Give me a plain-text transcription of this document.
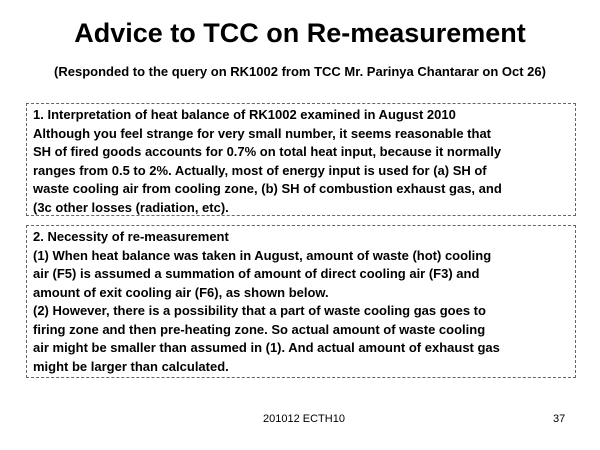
Advice to TCC on Re-measurement
(Responded to the query on RK1002 from TCC Mr. Parinya Chantarar on Oct 26)
1. Interpretation of heat balance of RK1002 examined in August 2010
Although you feel strange for very small number, it seems reasonable that
SH of fired goods accounts for 0.7% on total heat input, because it normally
ranges from 0.5 to 2%. Actually, most of energy input is used for (a) SH of
waste cooling air from cooling zone, (b) SH of combustion exhaust gas, and
(3c other losses (radiation, etc).
2. Necessity of re-measurement
(1) When heat balance was taken in August, amount of waste (hot) cooling
air (F5) is assumed a summation of amount of direct cooling air (F3) and
amount of exit cooling air (F6), as shown below.
(2) However, there is a possibility that a part of waste cooling gas goes to
firing zone and then pre-heating zone. So actual amount of waste cooling
air might be smaller than assumed in (1). And actual amount of exhaust gas
might be larger than calculated.
201012 ECTH10	37
